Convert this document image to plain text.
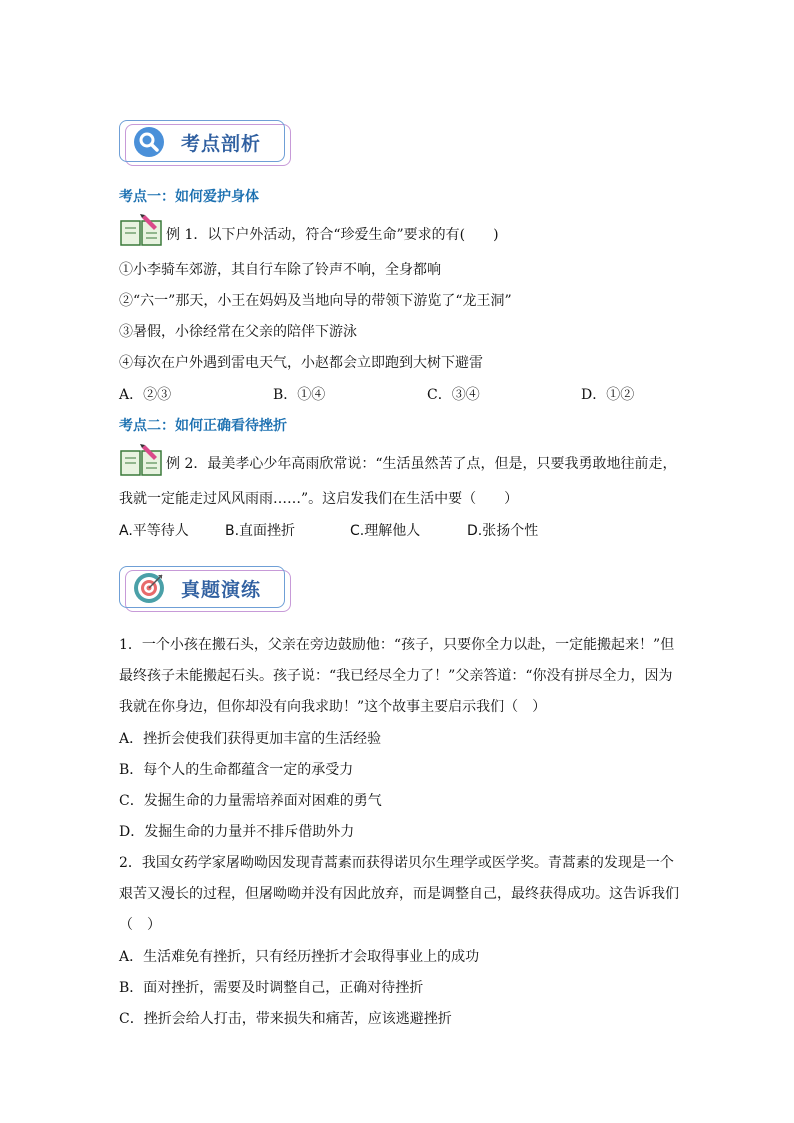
考点剖析
考点一：如何爱护身体
例 1．以下户外活动，符合“珍爱生命”要求的有(　　)
①小李骑车郊游，其自行车除了铃声不响，全身都响
②“六一”那天，小王在妈妈及当地向导的带领下游览了“龙王洞”
③暑假，小徐经常在父亲的陪伴下游泳
④每次在户外遇到雷电天气，小赵都会立即跑到大树下避雷
A．②③	B．①④	C．③④	D．①②
考点二：如何正确看待挫折
例 2．最美孝心少年高雨欣常说：“生活虽然苦了点，但是，只要我勇敢地往前走，
我就一定能走过风风雨雨……”。这启发我们在生活中要（　　）
A.平等待人	B.直面挫折	C.理解他人	D.张扬个性
真题演练
1．一个小孩在搬石头，父亲在旁边鼓励他：“孩子，只要你全力以赴，一定能搬起来！”但
最终孩子未能搬起石头。孩子说：“我已经尽全力了！”父亲答道：“你没有拼尽全力，因为
我就在你身边，但你却没有向我求助！”这个故事主要启示我们（　）
A．挫折会使我们获得更加丰富的生活经验
B．每个人的生命都蕴含一定的承受力
C．发掘生命的力量需培养面对困难的勇气
D．发掘生命的力量并不排斥借助外力
2．我国女药学家屠呦呦因发现青蒿素而获得诺贝尔生理学或医学奖。青蒿素的发现是一个
艰苦又漫长的过程，但屠呦呦并没有因此放弃，而是调整自己，最终获得成功。这告诉我们
（　）
A．生活难免有挫折，只有经历挫折才会取得事业上的成功
B．面对挫折，需要及时调整自己，正确对待挫折
C．挫折会给人打击，带来损失和痛苦，应该逃避挫折
